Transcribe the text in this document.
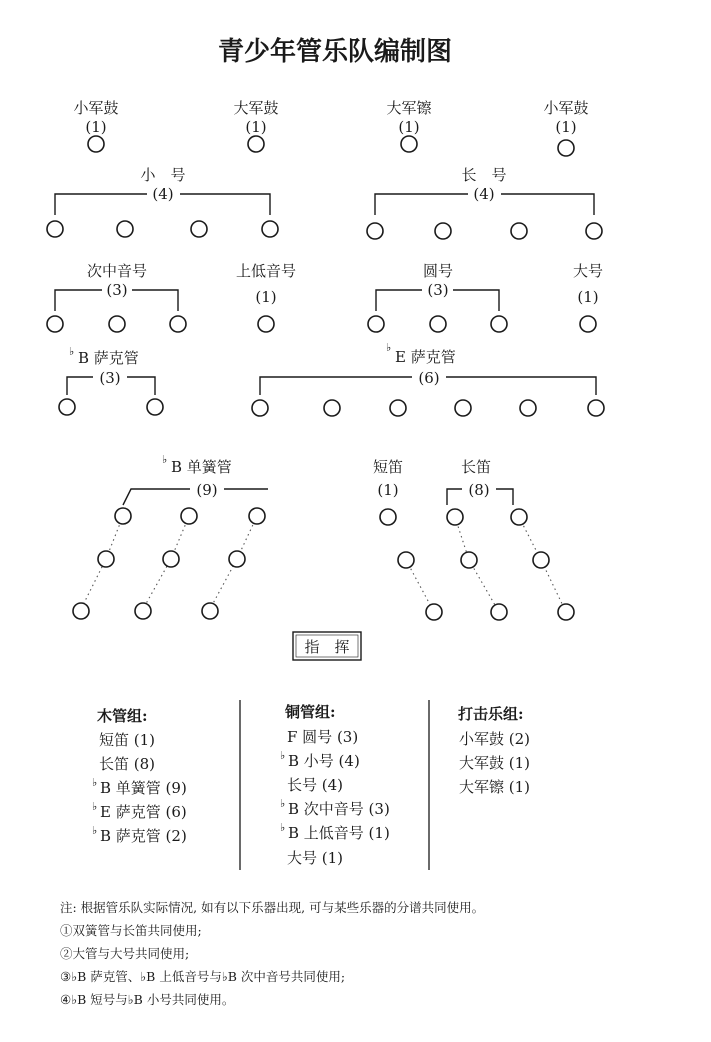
青少年管乐队编制图
小军鼓
(1)
大军鼓
(1)
大军镲
(1)
小军鼓
(1)
小　号
(4)
长　号
(4)
次中音号
(3)
上低音号
(1)
圆号
(3)
大号
(1)
♭ B 萨克管
(3)
♭
E 萨克管
(6)
♭ B 单簧管
(9)
短笛
(1)
长笛
(8)
指　挥
木管组:
短笛 (1)
长笛 (8)
♭ B 单簧管 (9)
♭ E 萨克管 (6)
♭ B 萨克管 (2)
铜管组:
F 圆号 (3)
♭ B 小号 (4)
长号 (4)
♭ B 次中音号 (3)
♭ B 上低音号 (1)
大号 (1)
打击乐组:
小军鼓 (2)
大军鼓 (1)
大军镲 (1)
注: 根据管乐队实际情况, 如有以下乐器出现, 可与某些乐器的分谱共同使用。
①双簧管与长笛共同使用;
②大管与大号共同使用;
③♭B 萨克管、♭B 上低音号与♭B 次中音号共同使用;
④♭B 短号与♭B 小号共同使用。
